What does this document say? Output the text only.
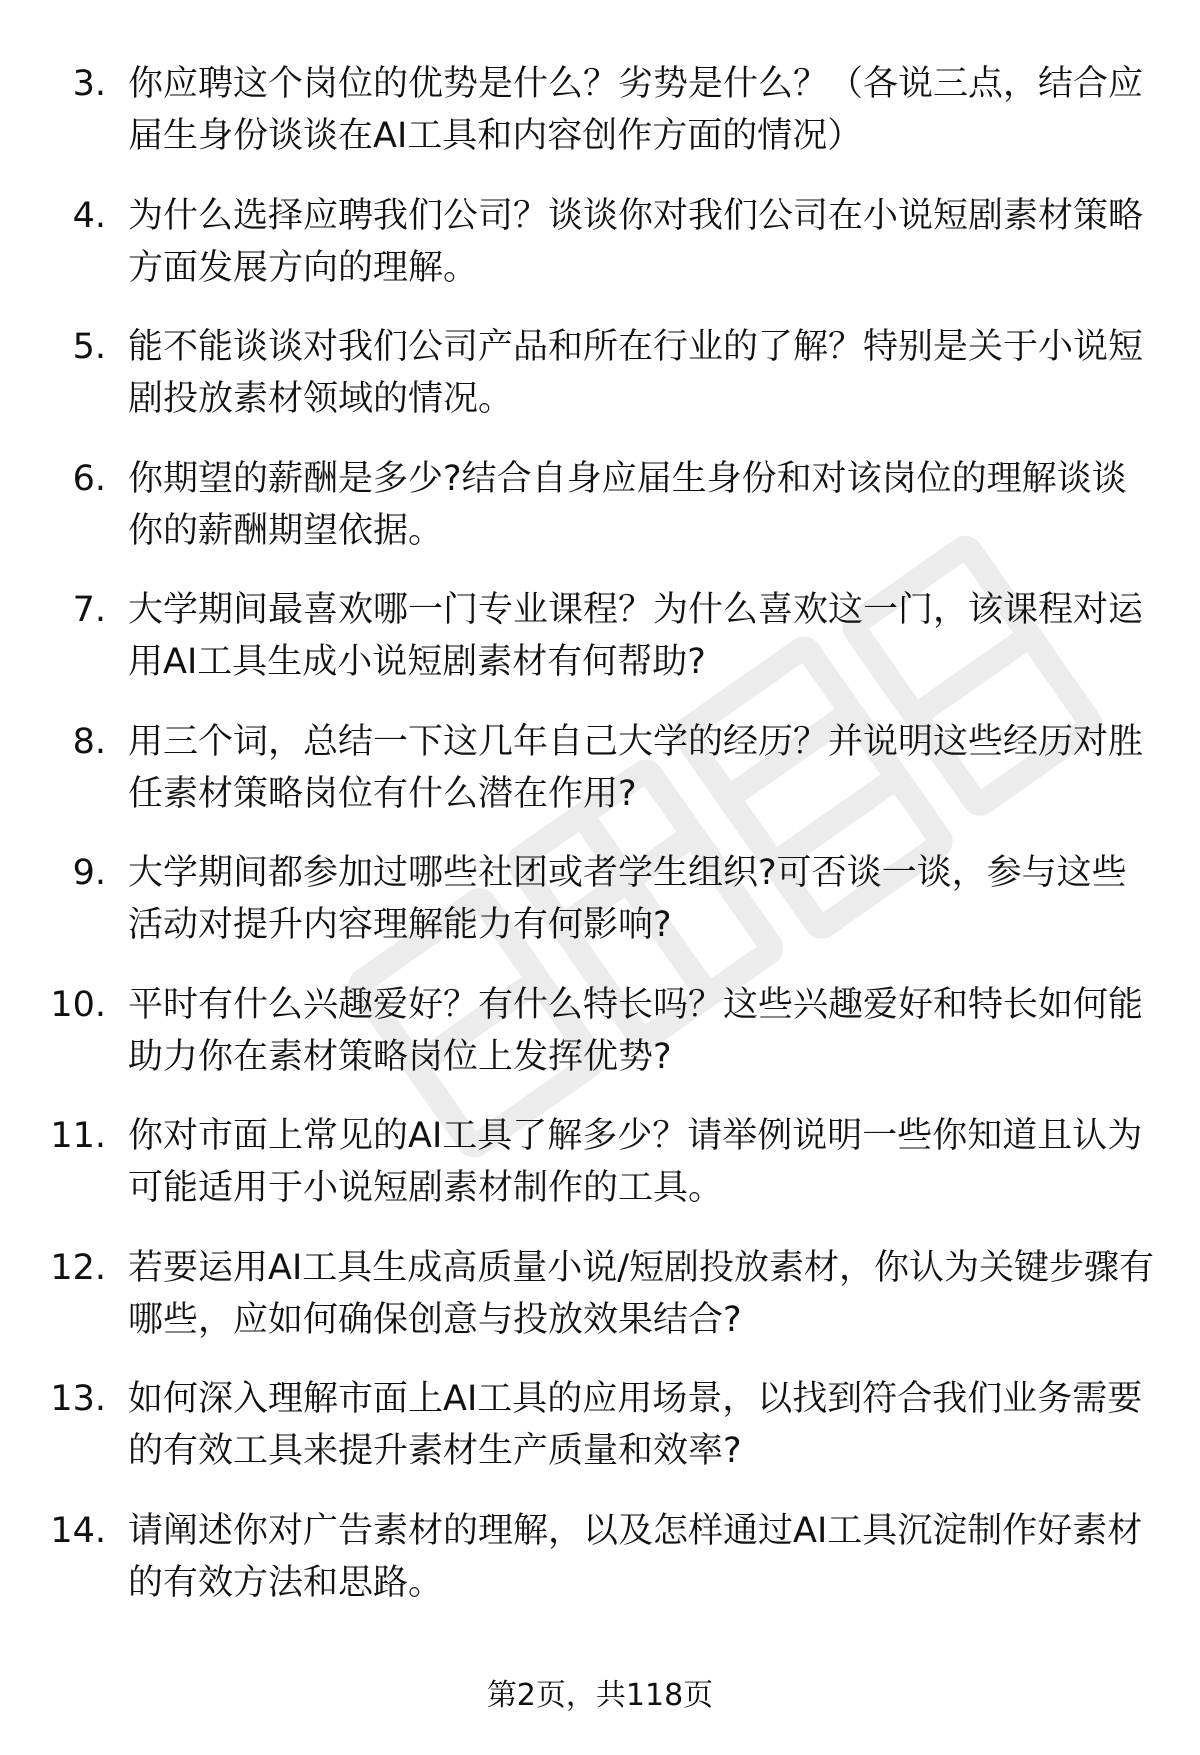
3. 你应聘这个岗位的优势是什么？劣势是什么？（各说三点，结合应届生身份谈谈在AI工具和内容创作方面的情况）
4. 为什么选择应聘我们公司？谈谈你对我们公司在小说短剧素材策略方面发展方向的理解。
5. 能不能谈谈对我们公司产品和所在行业的了解？特别是关于小说短剧投放素材领域的情况。
6. 你期望的薪酬是多少?结合自身应届生身份和对该岗位的理解谈谈你的薪酬期望依据。
7. 大学期间最喜欢哪一门专业课程？为什么喜欢这一门，该课程对运用AI工具生成小说短剧素材有何帮助?
8. 用三个词，总结一下这几年自己大学的经历？并说明这些经历对胜任素材策略岗位有什么潜在作用?
9. 大学期间都参加过哪些社团或者学生组织?可否谈一谈，参与这些活动对提升内容理解能力有何影响?
10. 平时有什么兴趣爱好？有什么特长吗？这些兴趣爱好和特长如何能助力你在素材策略岗位上发挥优势?
11. 你对市面上常见的AI工具了解多少？请举例说明一些你知道且认为可能适用于小说短剧素材制作的工具。
12. 若要运用AI工具生成高质量小说/短剧投放素材，你认为关键步骤有哪些，应如何确保创意与投放效果结合?
13. 如何深入理解市面上AI工具的应用场景，以找到符合我们业务需要的有效工具来提升素材生产质量和效率?
14. 请阐述你对广告素材的理解，以及怎样通过AI工具沉淀制作好素材的有效方法和思路。
第2页，共118页
